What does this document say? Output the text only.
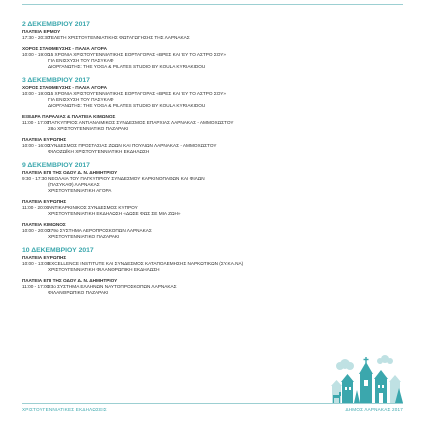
2 ΔΕΚΕΜΒΡΙΟΥ 2017
ΠΛΑΤΕΙΑ ΕΡΜΟΥ
17:30 - 20:30
ΤΕΛΕΤΗ ΧΡΙΣΤΟΥΓΕΝΝΙΑΤΙΚΗΣ ΦΩΤΑΓΩΓΗΣΗΣ ΤΗΣ ΛΑΡΝΑΚΑΣ
ΧΟΡΟΣ ΣΤΑΘΜΕΥΣΗΣ - ΠΑΛΙΑ ΑΓΟΡΑ
10:00 - 19:00
15 ΧΡΟΝΙΑ ΧΡΙΣΤΟΥΓΕΝΝΙΑΤΙΚΗΣ ΕΟΡΤΑΓΟΡΑΣ «ΒΡΕΣ ΚΑΙ ΈΥ ΤΟ ΑΣΤΡΟ ΣΟΥ»
ΓΙΑ ΕΝΙΣΧΥΣΗ ΤΟΥ ΠΑΣΥΚΑΦ
ΔΙΟΡΓΑΝΩΤΗΣ: THE YOGA & PILATES STUDIO BY KOULA KYRIAKIDOU
3 ΔΕΚΕΜΒΡΙΟΥ 2017
ΧΟΡΟΣ ΣΤΑΘΜΕΥΣΗΣ - ΠΑΛΙΑ ΑΓΟΡΑ
10:00 - 19:00
15 ΧΡΟΝΙΑ ΧΡΙΣΤΟΥΓΕΝΝΙΑΤΙΚΗΣ ΕΟΡΤΑΓΟΡΑΣ «ΒΡΕΣ ΚΑΙ ΈΥ ΤΟ ΑΣΤΡΟ ΣΟΥ»
ΓΙΑ ΕΝΙΣΧΥΣΗ ΤΟΥ ΠΑΣΥΚΑΦ
ΔΙΟΡΓΑΝΩΤΗΣ: THE YOGA & PILATES STUDIO BY KOULA KYRIAKIDOU
ΕΞΕΔΡΑ ΠΑΡΑΛΙΑΣ & ΠΛΑΤΕΙΑ ΚΙΜΩΝΟΣ
11:00 - 17:00
ΠΑΓΚΥΠΡΙΟΣ ΑΝΤΙΑΝΑΙΜΙΚΟΣ ΣΥΝΔΕΣΜΟΣ ΕΠΑΡΧΙΑΣ ΛΑΡΝΑΚΑΣ - ΑΜΜΟΧΩΣΤΟΥ
28ο ΧΡΙΣΤΟΥΓΕΝΝΙΑΤΙΚΟ ΠΑΖΑΡΑΚΙ
ΠΛΑΤΕΙΑ ΕΥΡΩΠΗΣ
10:00 - 16:00
ΣΥΝΔΕΣΜΟΣ ΠΡΟΣΤΑΣΙΑΣ ΖΩΩΝ ΚΑΙ ΠΟΥΛΙΩΝ ΛΑΡΝΑΚΑΣ - ΑΜΜΟΧΩΣΤΟΥ
ΦΙΛΟΖΩΪΚΗ ΧΡΙΣΤΟΥΓΕΝΝΙΑΤΙΚΗ ΕΚΔΗΛΩΣΗ
9 ΔΕΚΕΜΒΡΙΟΥ 2017
ΠΛΑΤΕΙΑ ΕΠΙ ΤΗΣ ΟΔΟΥ Δ. Ν. ΔΗΜΗΤΡΙΟΥ
9:30 - 17:30 ΝΕΟΛΑΙΑ ΤΟΥ ΠΑΓΚΥΠΡΙΟΥ ΣΥΝΔΕΣΜΟΥ ΚΑΡΚΙΝΟΠΑΘΩΝ ΚΑΙ ΦΙΛΩΝ
(ΠΑΣΥΚΑΦ) ΛΑΡΝΑΚΑΣ
ΧΡΙΣΤΟΥΓΕΝΝΙΑΤΙΚΗ ΑΓΟΡΑ
ΠΛΑΤΕΙΑ ΕΥΡΩΠΗΣ
11:00 - 20:00
ΑΝΤΙΚΑΡΚΙΝΙΚΟΣ ΣΥΝΔΕΣΜΟΣ ΚΥΠΡΟΥ
ΧΡΙΣΤΟΥΓΕΝΝΙΑΤΙΚΗ ΕΚΔΗΛΩΣΗ «ΔΩΣΕ ΦΩΣ ΣΕ ΜΙΑ ΖΩΗ»
ΠΛΑΤΕΙΑ ΚΙΜΩΝΟΣ
10:00 - 20:00
279ο ΣΥΣΤΗΜΑ ΑΕΡΟΠΡΟΣΚΟΠΩΝ ΛΑΡΝΑΚΑΣ
ΧΡΙΣΤΟΥΓΕΝΝΙΑΤΙΚΟ ΠΑΖΑΡΑΚΙ
10 ΔΕΚΕΜΒΡΙΟΥ 2017
ΠΛΑΤΕΙΑ ΕΥΡΩΠΗΣ
10:00 - 13:00
EXCELLENCE INSTITUTE ΚΑΙ ΣΥΝΔΕΣΜΟΣ ΚΑΤΑΠΟΛΕΜΗΣΗΣ ΝΑΡΚΩΤΙΚΩΝ (ΣΥ.ΚΑ.ΝΑ)
ΧΡΙΣΤΟΥΓΕΝΝΙΑΤΙΚΗ ΦΙΛΑΝΘΡΩΠΙΚΗ ΕΚΔΗΛΩΣΗ
ΠΛΑΤΕΙΑ ΕΠΙ ΤΗΣ ΟΔΟΥ Δ. Ν. ΔΗΜΗΤΡΙΟΥ
11:00 - 17:00
23ο ΣΥΣΤΗΜΑ ΕΛΛΗΝΩΝ ΝΑΥΤΟΠΡΟΣΚΟΠΩΝ ΛΑΡΝΑΚΑΣ
ΦΙΛΑΝΘΡΩΠΙΚΟ ΠΑΖΑΡΑΚΙ
ΧΡΙΣΤΟΥΓΕΝΝΙΑΤΙΚΕΣ ΕΚΔΗΛΩΣΕΙΣ	ΔΗΜΟΣ ΛΑΡΝΑΚΑΣ 2017
